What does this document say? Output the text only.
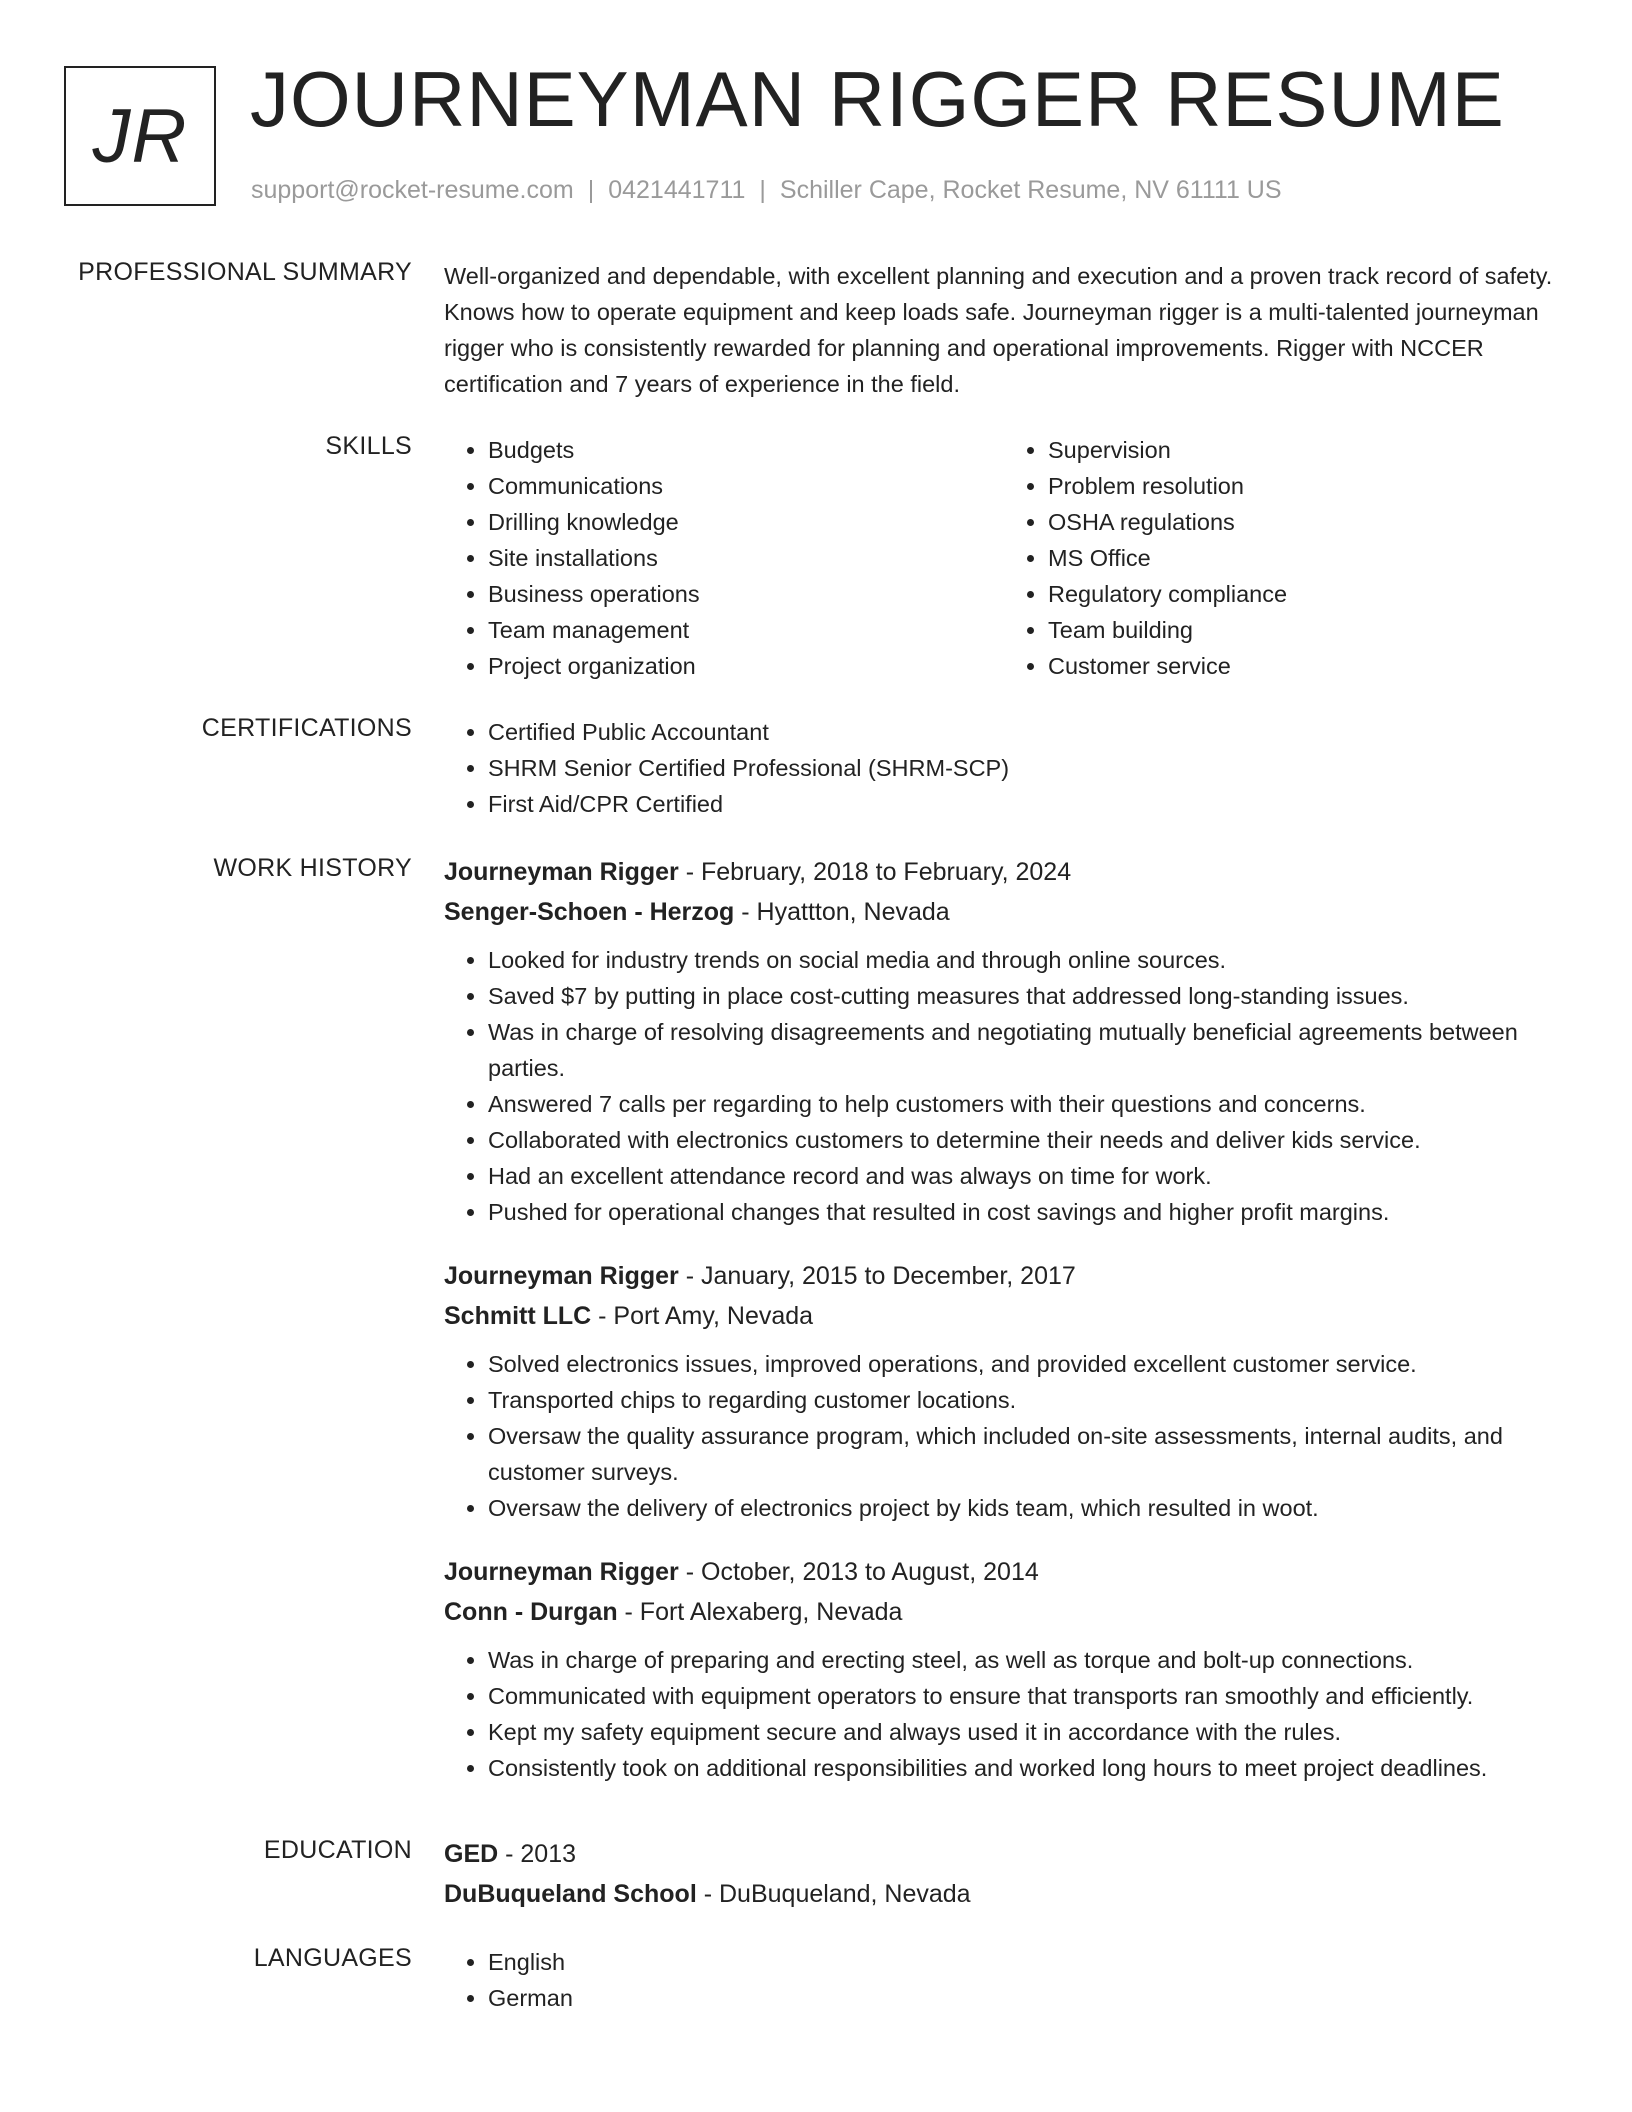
JR JOURNEYMAN RIGGER RESUME
support@rocket-resume.com | 0421441711 | Schiller Cape, Rocket Resume, NV 61111 US
PROFESSIONAL SUMMARY Well-organized and dependable, with excellent planning and execution and a proven track record of safety. Knows how to operate equipment and keep loads safe. Journeyman rigger is a multi-talented journeyman rigger who is consistently rewarded for planning and operational improvements. Rigger with NCCER certification and 7 years of experience in the field.

SKILLS	• Budgets
• Communications
• Drilling knowledge
• Site installations
• Business operations
• Team management
• Project organization
• Supervision
• Problem resolution
• OSHA regulations
• MS Office
• Regulatory compliance
• Team building
• Customer service
CERTIFICATIONS	• Certified Public Accountant
• SHRM Senior Certified Professional (SHRM-SCP)
• First Aid/CPR Certified
WORK HISTORY Journeyman Rigger - February, 2018 to February, 2024
Senger-Schoen - Herzog - Hyattton, Nevada
• Looked for industry trends on social media and through online sources.
• Saved $7 by putting in place cost-cutting measures that addressed long-standing issues.
• Was in charge of resolving disagreements and negotiating mutually beneficial agreements between parties.
• Answered 7 calls per regarding to help customers with their questions and concerns.
• Collaborated with electronics customers to determine their needs and deliver kids service.
• Had an excellent attendance record and was always on time for work.
• Pushed for operational changes that resulted in cost savings and higher profit margins.
Journeyman Rigger - January, 2015 to December, 2017
Schmitt LLC - Port Amy, Nevada
• Solved electronics issues, improved operations, and provided excellent customer service.
• Transported chips to regarding customer locations.
• Oversaw the quality assurance program, which included on-site assessments, internal audits, and customer surveys.
• Oversaw the delivery of electronics project by kids team, which resulted in woot.
Journeyman Rigger - October, 2013 to August, 2014
Conn - Durgan - Fort Alexaberg, Nevada
• Was in charge of preparing and erecting steel, as well as torque and bolt-up connections.
• Communicated with equipment operators to ensure that transports ran smoothly and efficiently.
• Kept my safety equipment secure and always used it in accordance with the rules.
• Consistently took on additional responsibilities and worked long hours to meet project deadlines.
EDUCATION GED - 2013
DuBuqueland School - DuBuqueland, Nevada
LANGUAGES	• English
• German
